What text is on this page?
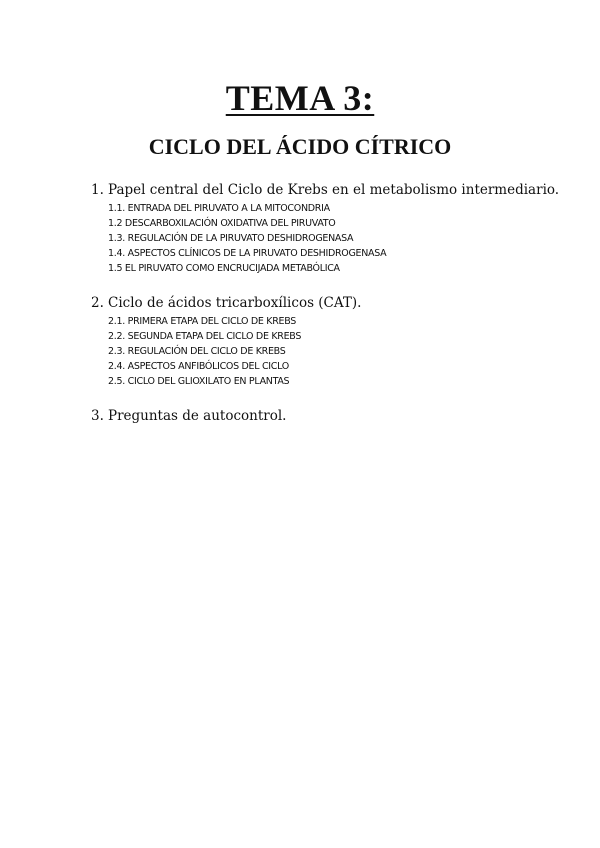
TEMA 3:
CICLO DEL ÁCIDO CÍTRICO
1. Papel central del Ciclo de Krebs en el metabolismo intermediario.
1.1. ENTRADA DEL PIRUVATO A LA MITOCONDRIA
1.2 DESCARBOXILACIÓN OXIDATIVA DEL PIRUVATO
1.3. REGULACIÓN DE LA PIRUVATO DESHIDROGENASA
1.4. ASPECTOS CLÍNICOS DE LA PIRUVATO DESHIDROGENASA
1.5 EL PIRUVATO COMO ENCRUCIJADA METABÓLICA
2. Ciclo de ácidos tricarboxílicos (CAT).
2.1. PRIMERA ETAPA DEL CICLO DE KREBS
2.2. SEGUNDA ETAPA DEL CICLO DE KREBS
2.3. REGULACIÓN DEL CICLO DE KREBS
2.4. ASPECTOS ANFIBÓLICOS DEL CICLO
2.5. CICLO DEL GLIOXILATO EN PLANTAS
3. Preguntas de autocontrol.
